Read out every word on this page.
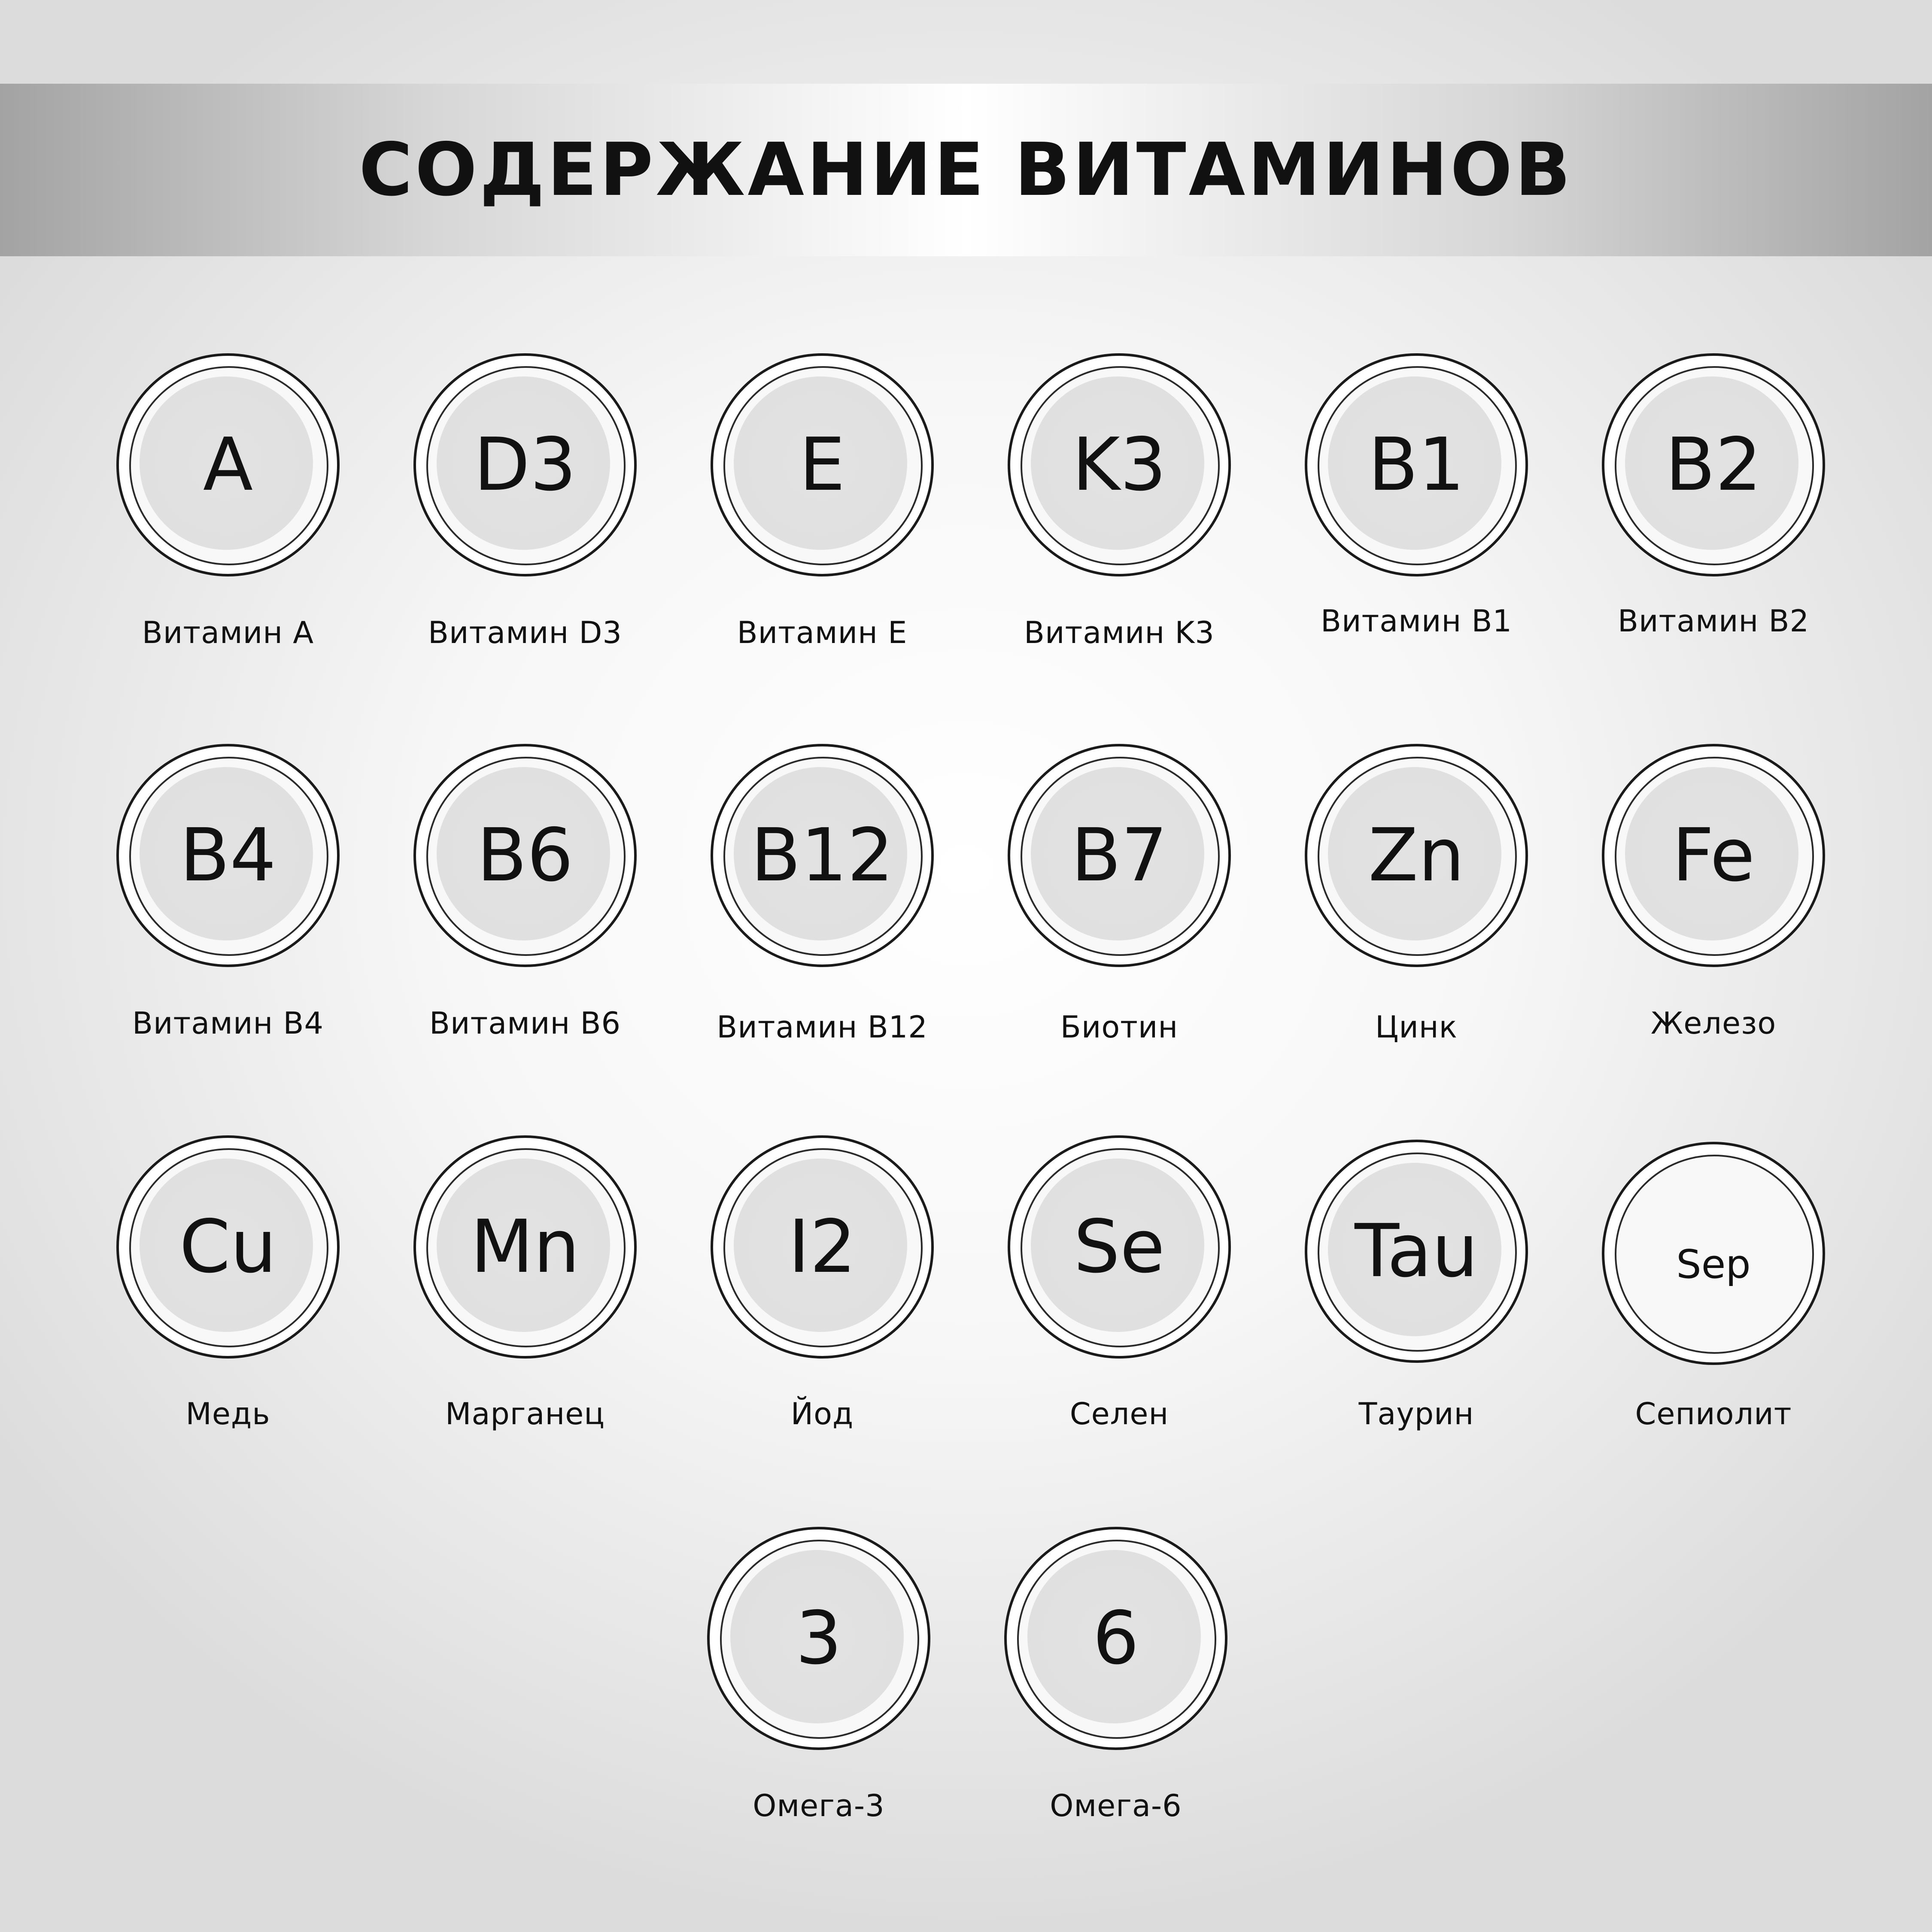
СОДЕРЖАНИЕ ВИТАМИНОВ
A
Витамин A
D3
Витамин D3
E
Витамин E
K3
Витамин K3
B1
Витамин B1
B2
Витамин B2
B4
Витамин B4
B6
Витамин B6
B12
Витамин B12
B7
Биотин
Zn
Цинк
Fe
Железо
Cu
Медь
Mn
Марганец
I2
Йод
Se
Селен
Tau
Таурин
Sep
Сепиолит
3
Омега-3
6
Омега-6
